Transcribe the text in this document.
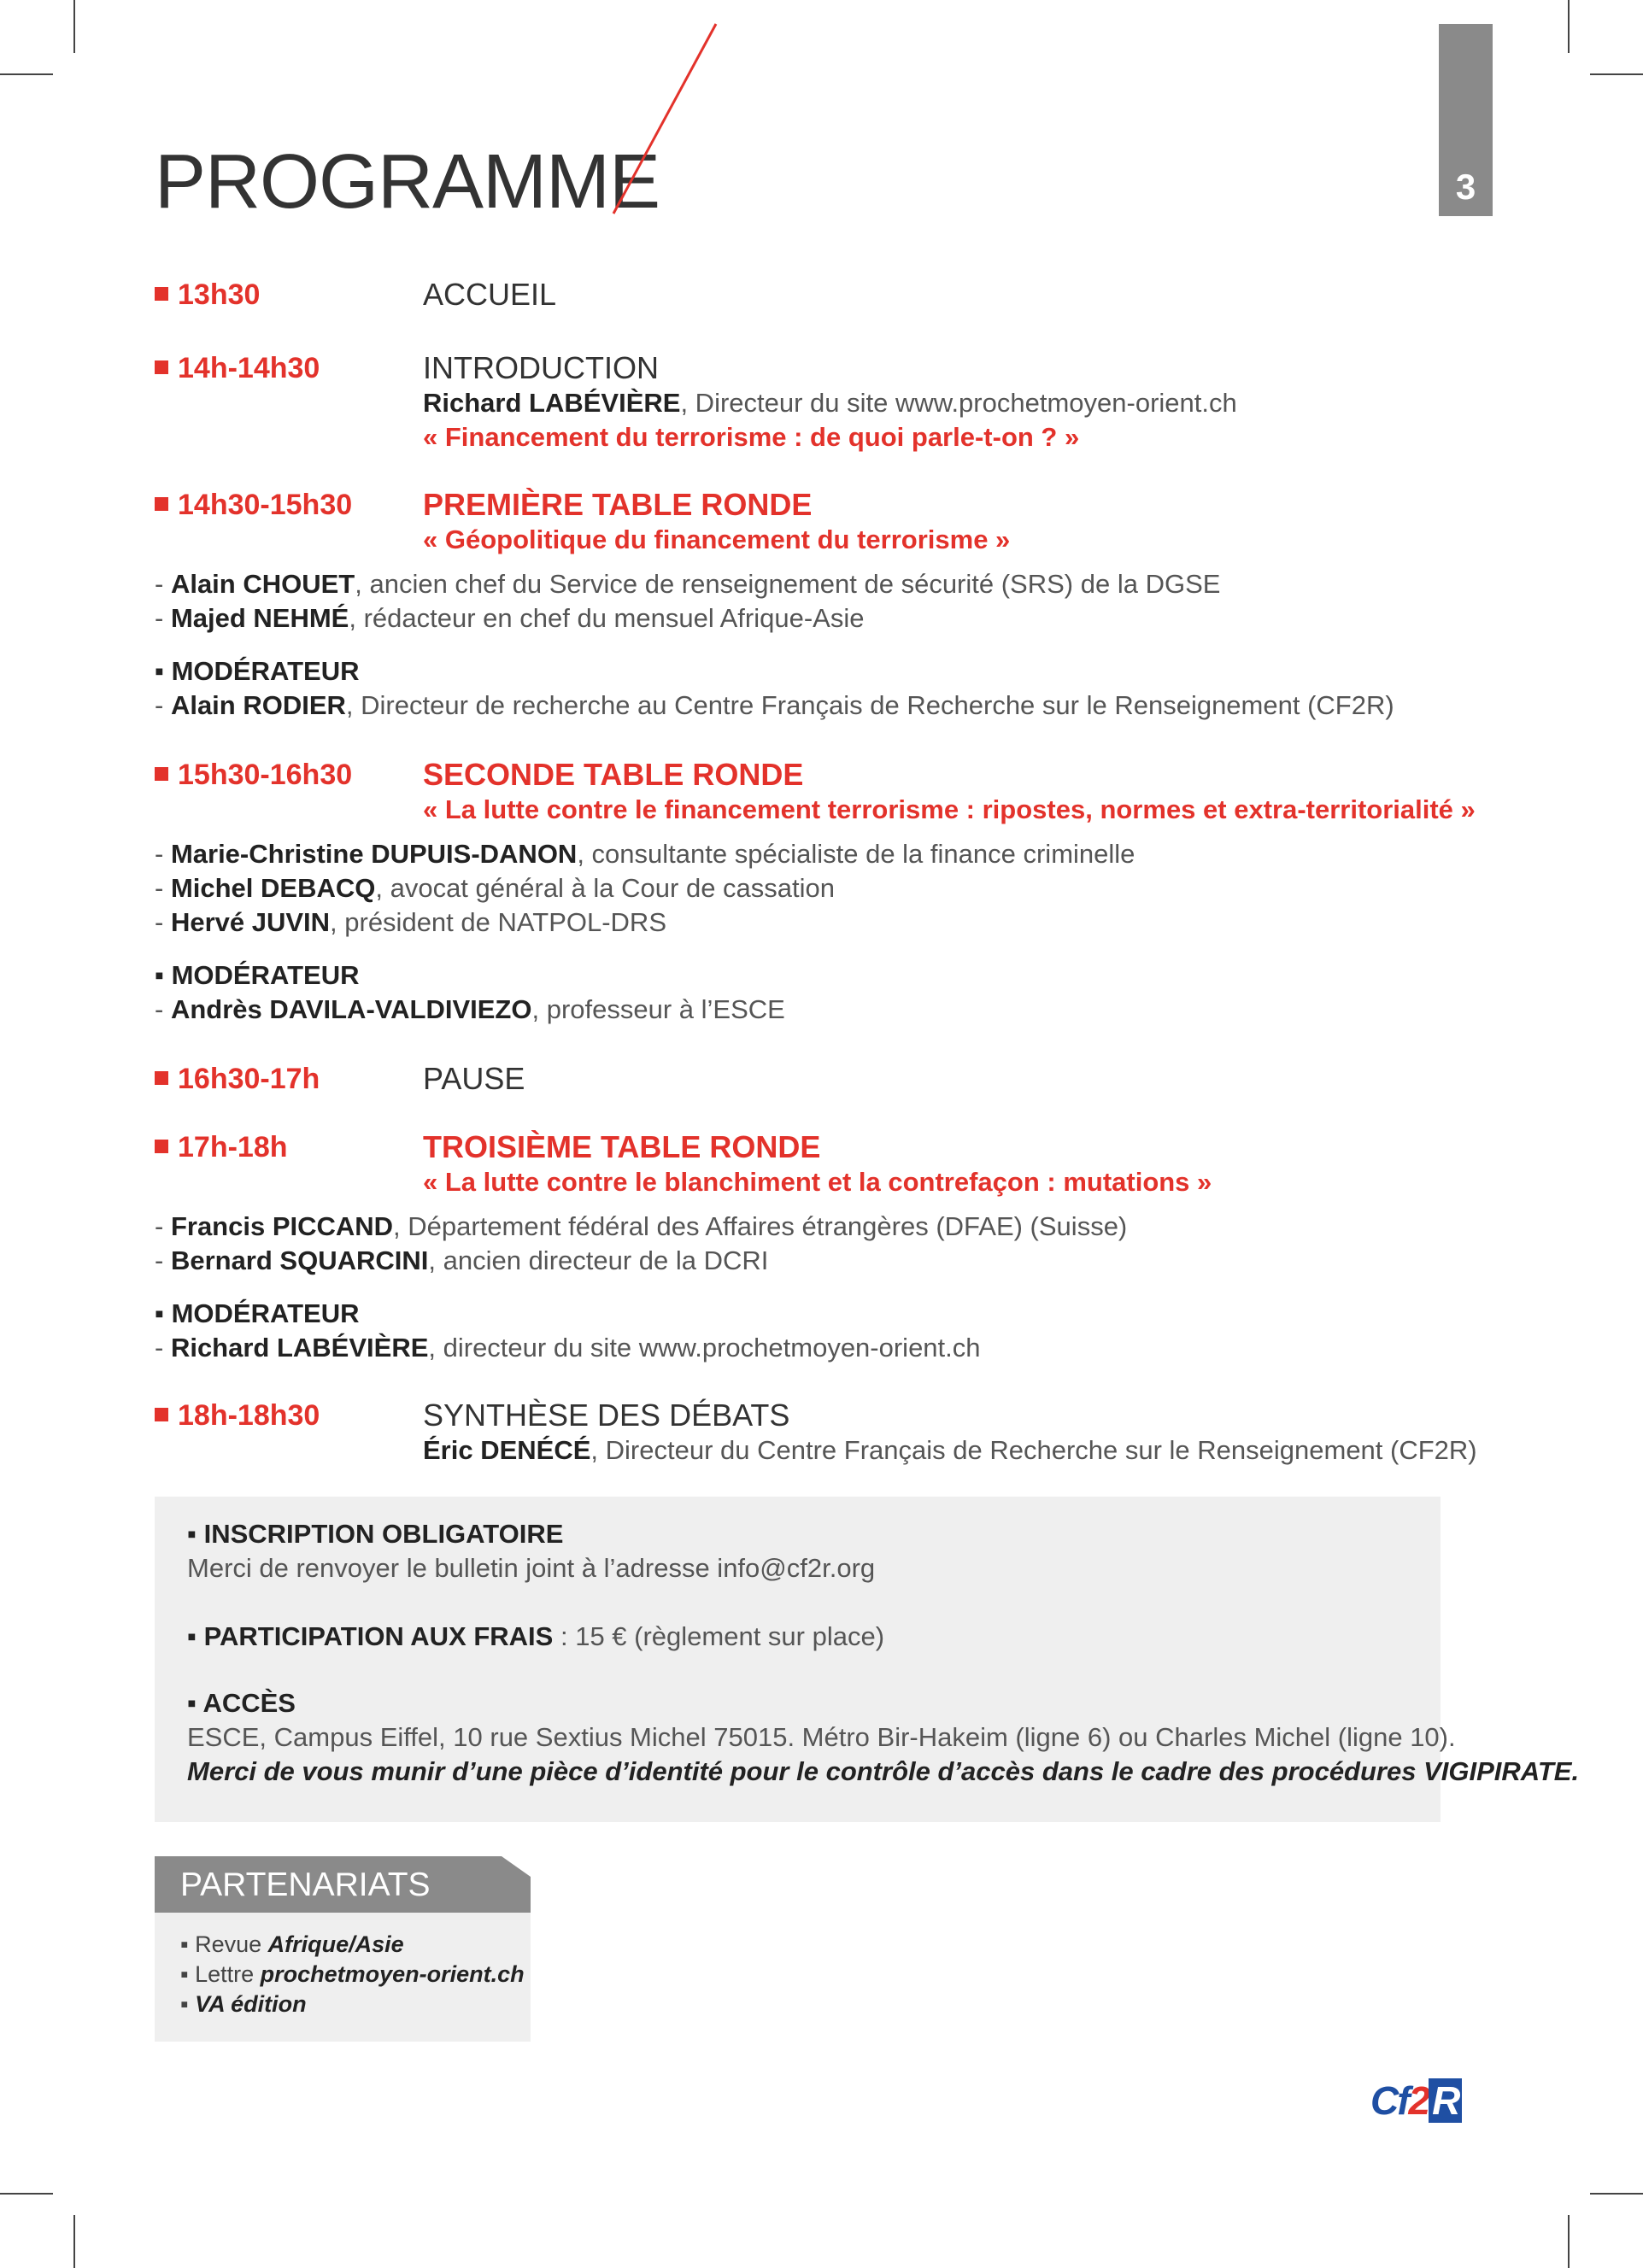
PROGRAMME	3
13h30	ACCUEIL
14h-14h30	INTRODUCTION
Richard LABÉVIÈRE, Directeur du site www.prochetmoyen-orient.ch
« Financement du terrorisme : de quoi parle-t-on ? »
14h30-15h30 PREMIÈRE TABLE RONDE
« Géopolitique du financement du terrorisme »
- Alain CHOUET, ancien chef du Service de renseignement de sécurité (SRS) de la DGSE
- Majed NEHMÉ, rédacteur en chef du mensuel Afrique-Asie
▪ MODÉRATEUR
- Alain RODIER, Directeur de recherche au Centre Français de Recherche sur le Renseignement (CF2R)
15h30-16h30 SECONDE TABLE RONDE
« La lutte contre le financement terrorisme : ripostes, normes et extra-territorialité »
- Marie-Christine DUPUIS-DANON, consultante spécialiste de la finance criminelle
- Michel DEBACQ, avocat général à la Cour de cassation
- Hervé JUVIN, président de NATPOL-DRS
▪ MODÉRATEUR
- Andrès DAVILA-VALDIVIEZO, professeur à l’ESCE
16h30-17h	PAUSE
17h-18h	TROISIÈME TABLE RONDE
« La lutte contre le blanchiment et la contrefaçon : mutations »
- Francis PICCAND, Département fédéral des Affaires étrangères (DFAE) (Suisse)
- Bernard SQUARCINI, ancien directeur de la DCRI
▪ MODÉRATEUR
- Richard LABÉVIÈRE, directeur du site www.prochetmoyen-orient.ch
18h-18h30	SYNTHÈSE DES DÉBATS
Éric DENÉCÉ, Directeur du Centre Français de Recherche sur le Renseignement (CF2R)
▪ INSCRIPTION OBLIGATOIRE
Merci de renvoyer le bulletin joint à l’adresse info@cf2r.org
▪ PARTICIPATION AUX FRAIS : 15 € (règlement sur place)
▪ ACCÈS
ESCE, Campus Eiffel, 10 rue Sextius Michel 75015. Métro Bir-Hakeim (ligne 6) ou Charles Michel (ligne 10).
Merci de vous munir d’une pièce d’identité pour le contrôle d’accès dans le cadre des procédures VIGIPIRATE.
PARTENARIATS
▪ Revue Afrique/Asie
▪ Lettre prochetmoyen-orient.ch
▪ VA édition
Cf2R
